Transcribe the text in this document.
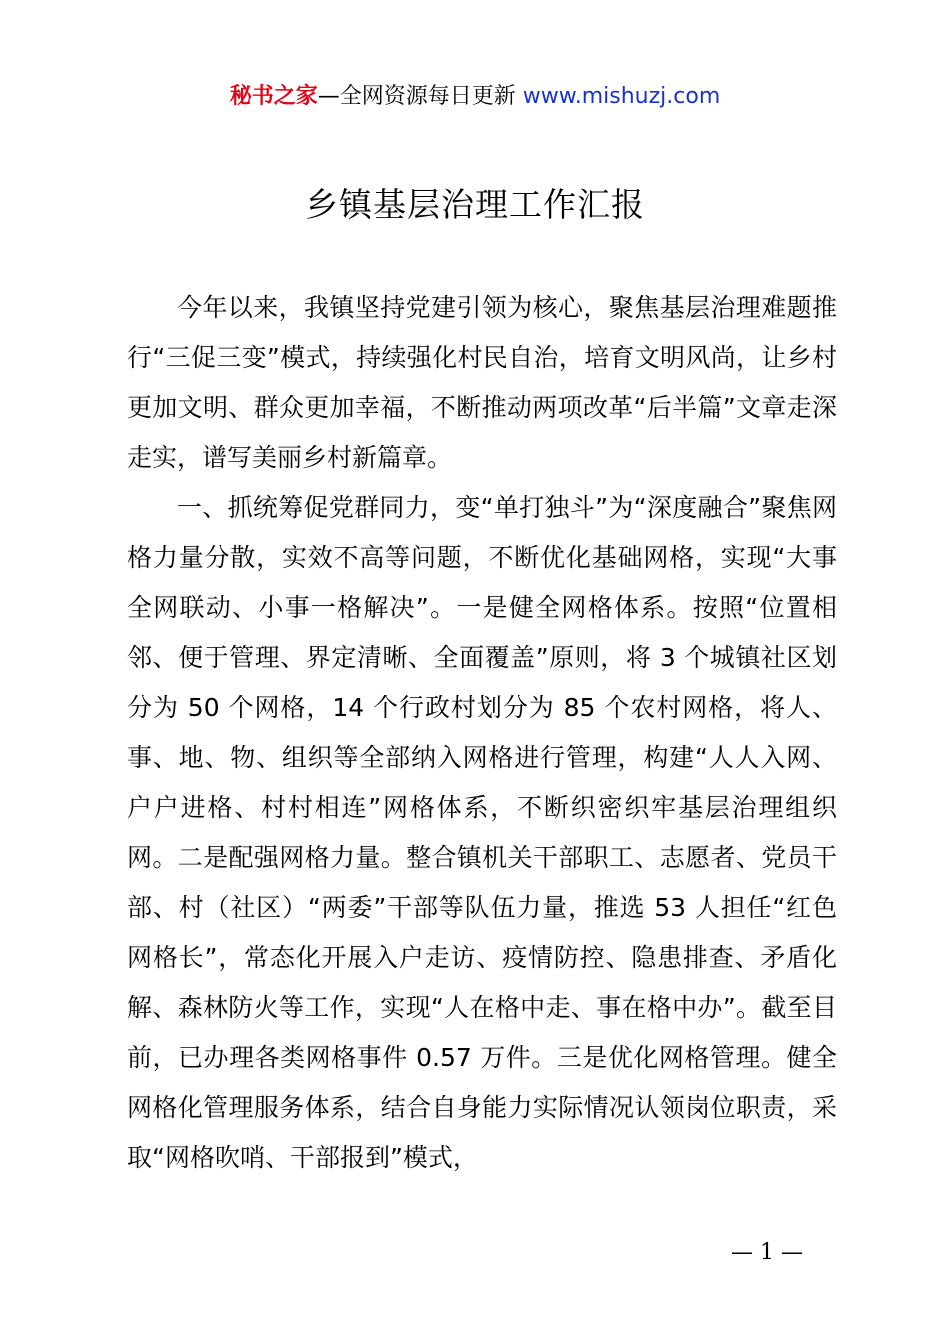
秘书之家—全网资源每日更新 www.mishuzj.com
乡镇基层治理工作汇报

今年以来，我镇坚持党建引领为核心，聚焦基层治理难题推行“三促三变”模式，持续强化村民自治，培育文明风尚，让乡村更加文明、群众更加幸福，不断推动两项改革“后半篇”文章走深走实，谱写美丽乡村新篇章。

一、抓统筹促党群同力，变“单打独斗”为“深度融合”聚焦网格力量分散，实效不高等问题，不断优化基础网格，实现“大事全网联动、小事一格解决”。一是健全网格体系。按照“位置相邻、便于管理、界定清晰、全面覆盖”原则，将 3 个城镇社区划分为 50 个网格，14 个行政村划分为 85 个农村网格，将人、事、地、物、组织等全部纳入网格进行管理，构建“人人入网、户户进格、村村相连”网格体系，不断织密织牢基层治理组织网。二是配强网格力量。整合镇机关干部职工、志愿者、党员干部、村（社区）“两委”干部等队伍力量，推选 53 人担任“红色网格长”，常态化开展入户走访、疫情防控、隐患排查、矛盾化解、森林防火等工作，实现“人在格中走、事在格中办”。截至目前，已办理各类网格事件 0.57 万件。三是优化网格管理。健全网格化管理服务体系，结合自身能力实际情况认领岗位职责，采取“网格吹哨、干部报到”模式，

— 1 —
